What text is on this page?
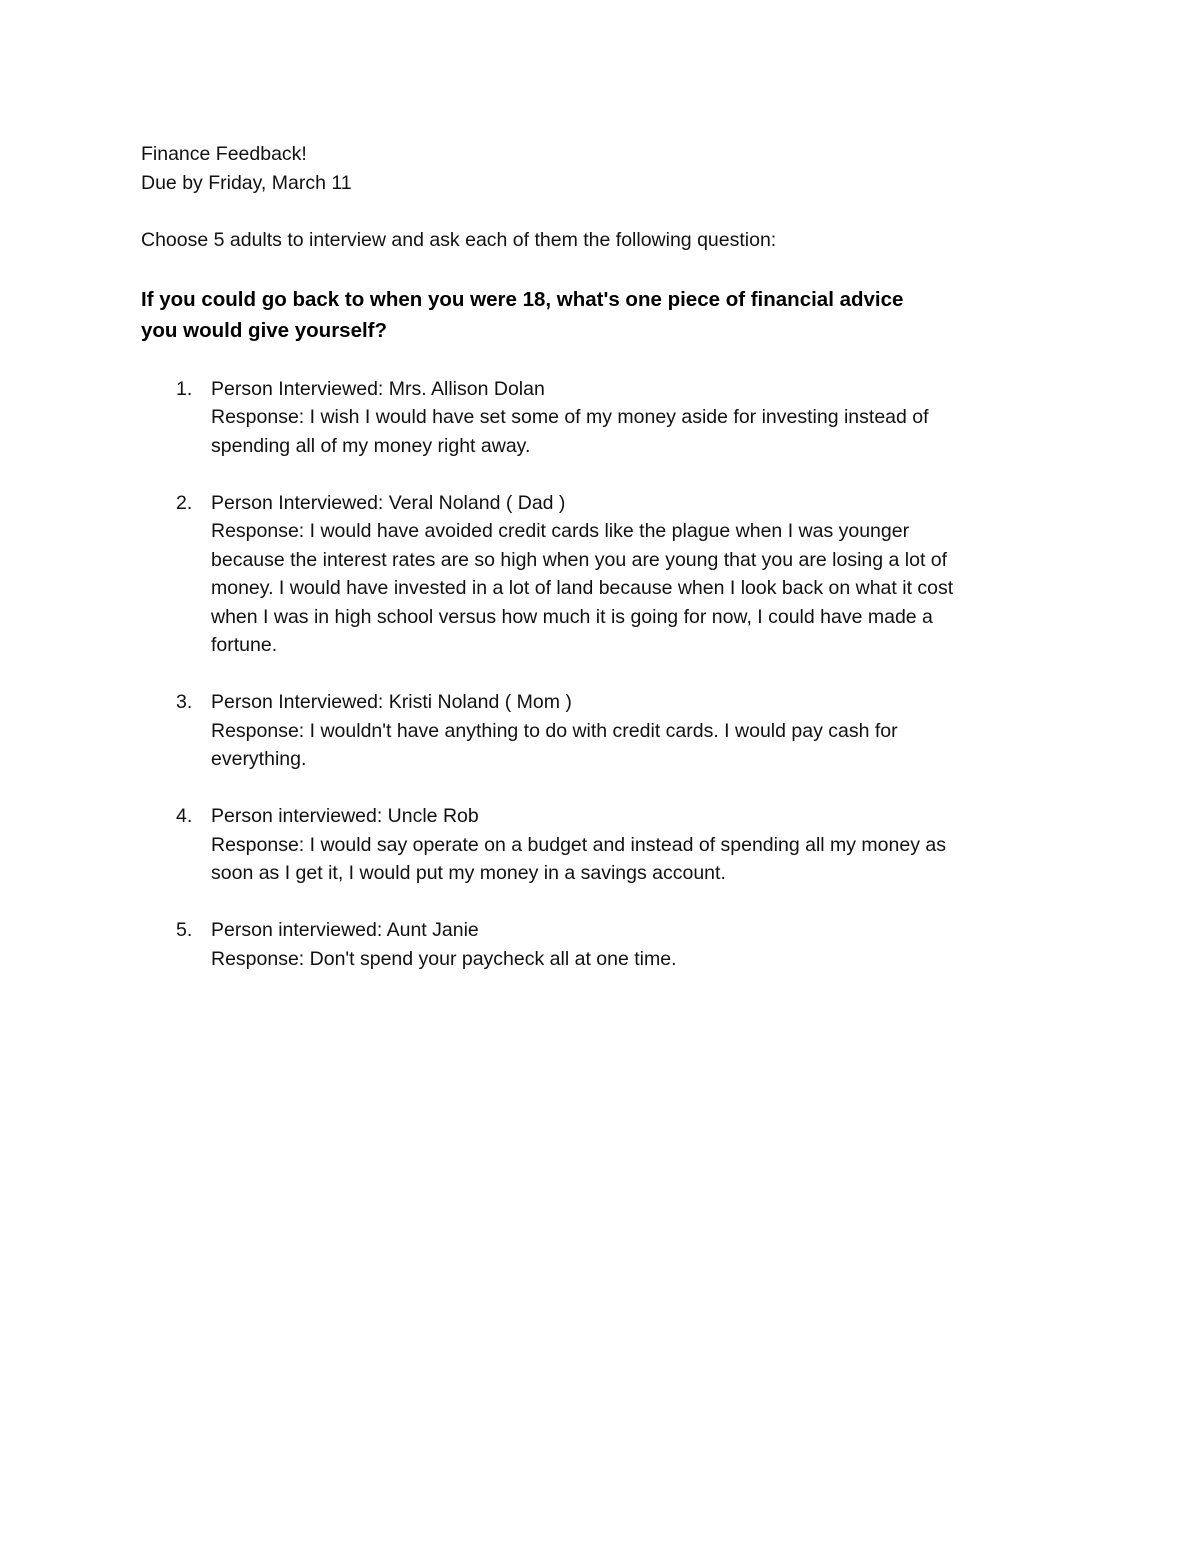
Finance Feedback!

Due by Friday, March 11

Choose 5 adults to interview and ask each of them the following question:

If you could go back to when you were 18, what's one piece of financial advice

you would give yourself?

1. Person Interviewed: Mrs. Allison Dolan
Response: I wish I would have set some of my money aside for investing instead of
spending all of my money right away.
2. Person Interviewed: Veral Noland ( Dad )
Response: I would have avoided credit cards like the plague when I was younger
because the interest rates are so high when you are young that you are losing a lot of
money. I would have invested in a lot of land because when I look back on what it cost
when I was in high school versus how much it is going for now, I could have made a
fortune.
3. Person Interviewed: Kristi Noland ( Mom )
Response: I wouldn't have anything to do with credit cards. I would pay cash for
everything.
4. Person interviewed: Uncle Rob
Response: I would say operate on a budget and instead of spending all my money as
soon as I get it, I would put my money in a savings account.
5. Person interviewed: Aunt Janie
Response: Don't spend your paycheck all at one time.
